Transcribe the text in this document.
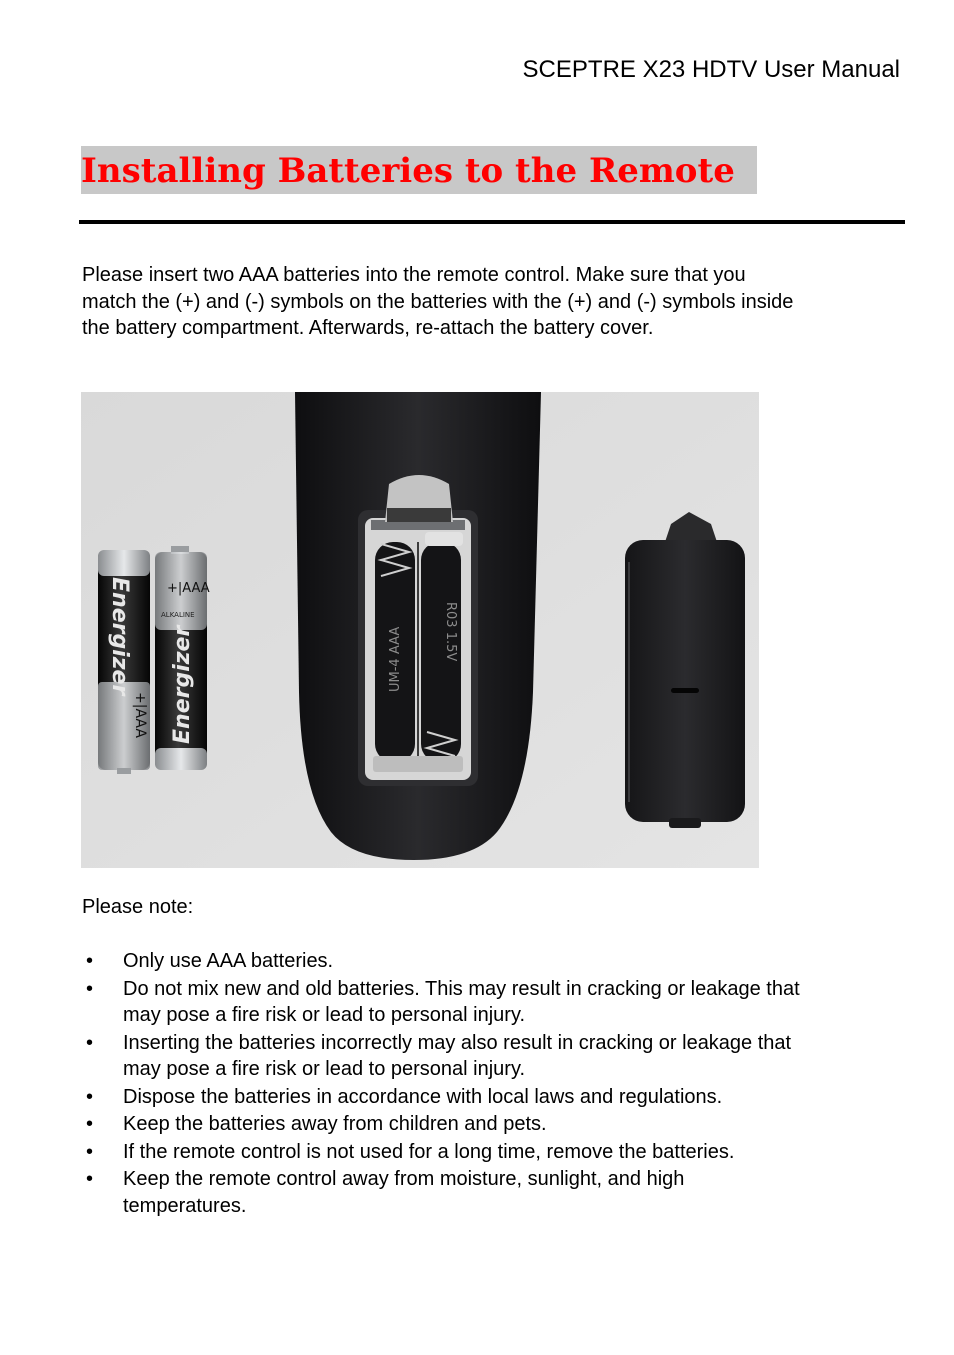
SCEPTRE X23 HDTV User Manual
Installing Batteries to the Remote
Please insert two AAA batteries into the remote control. Make sure that you
match the (+) and (-) symbols on the batteries with the (+) and (-) symbols inside
the battery compartment. Afterwards, re-attach the battery cover.
Energizer
+|AAA
+|AAA
Energizer
ALKALINE
UM-4 AAA	R03 1.5V
Please note:
• Only use AAA batteries.
• Do not mix new and old batteries. This may result in cracking or leakage that
may pose a fire risk or lead to personal injury.
• Inserting the batteries incorrectly may also result in cracking or leakage that
may pose a fire risk or lead to personal injury.
• Dispose the batteries in accordance with local laws and regulations.
• Keep the batteries away from children and pets.
• If the remote control is not used for a long time, remove the batteries.
• Keep the remote control away from moisture, sunlight, and high
temperatures.
